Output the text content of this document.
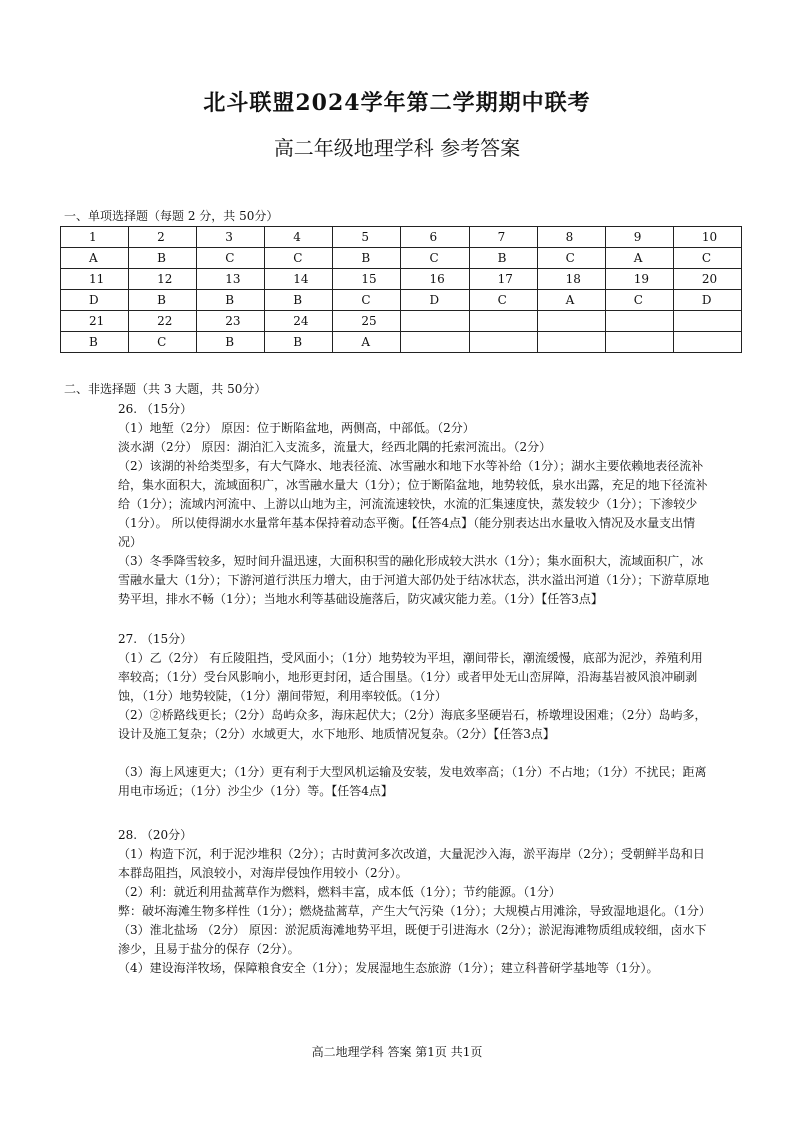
北斗联盟2024学年第二学期期中联考
高二年级地理学科 参考答案
一、单项选择题（每题 2 分，共 50分）
1	2	3	4	5	6	7	8	9	10
A	B	C	C	B	C	B	C	A	C
11	12	13	14	15	16	17	18	19	20
D	B	B	B	C	D	C	A	C	D
21	22	23	24	25					
B	C	B	B	A					
二、非选择题（共 3 大题，共 50分）

26. （15分）

（1）地堑（2分） 原因：位于断陷盆地，两侧高，中部低。（2分）

淡水湖（2分） 原因：湖泊汇入支流多，流量大，经西北隅的托索河流出。（2分）

（2）该湖的补给类型多，有大气降水、地表径流、冰雪融水和地下水等补给（1分）；湖水主要依赖地表径流补给，集水面积大，流域面积广，冰雪融水量大（1分）；位于断陷盆地，地势较低，泉水出露，充足的地下径流补给（1分）；流域内河流中、上游以山地为主，河流流速较快，水流的汇集速度快，蒸发较少（1分）；下渗较少（1分）。 所以使得湖水水量常年基本保持着动态平衡。【任答4点】（能分别表达出水量收入情况及水量支出情况）

（3）冬季降雪较多，短时间升温迅速，大面积积雪的融化形成较大洪水（1分）；集水面积大，流域面积广，冰雪融水量大（1分）；下游河道行洪压力增大，由于河道大部仍处于结冰状态，洪水溢出河道（1分）；下游草原地势平坦，排水不畅（1分）；当地水利等基础设施落后，防灾减灾能力差。（1分）【任答3点】

27. （15分）

（1）乙（2分） 有丘陵阻挡，受风面小；（1分）地势较为平坦，潮间带长，潮流缓慢，底部为泥沙，养殖利用率较高；（1分）受台风影响小，地形更封闭，适合围垦。（1分）或者甲处无山峦屏障，沿海基岩被风浪冲刷剥蚀，（1分）地势较陡，（1分）潮间带短，利用率较低。（1分）

（2）②桥路线更长；（2分）岛屿众多，海床起伏大；（2分）海底多坚硬岩石，桥墩埋设困难；（2分）岛屿多，设计及施工复杂；（2分）水域更大，水下地形、地质情况复杂。（2分）【任答3点】

（3）海上风速更大；（1分）更有利于大型风机运输及安装，发电效率高；（1分）不占地；（1分）不扰民；距离用电市场近；（1分）沙尘少（1分）等。【任答4点】

28. （20分）

（1）构造下沉，利于泥沙堆积（2分）；古时黄河多次改道，大量泥沙入海，淤平海岸（2分）；受朝鲜半岛和日本群岛阻挡，风浪较小，对海岸侵蚀作用较小（2分）。

（2）利：就近利用盐蒿草作为燃料，燃料丰富，成本低（1分）；节约能源。（1分）

弊：破坏海滩生物多样性（1分）；燃烧盐蒿草，产生大气污染（1分）；大规模占用滩涂，导致湿地退化。（1分）

（3）淮北盐场 （2分） 原因：淤泥质海滩地势平坦，既便于引进海水（2分）；淤泥海滩物质组成较细，卤水下渗少，且易于盐分的保存（2分）。

（4）建设海洋牧场，保障粮食安全（1分）；发展湿地生态旅游（1分）；建立科普研学基地等（1分）。

高二地理学科 答案 第1页 共1页
